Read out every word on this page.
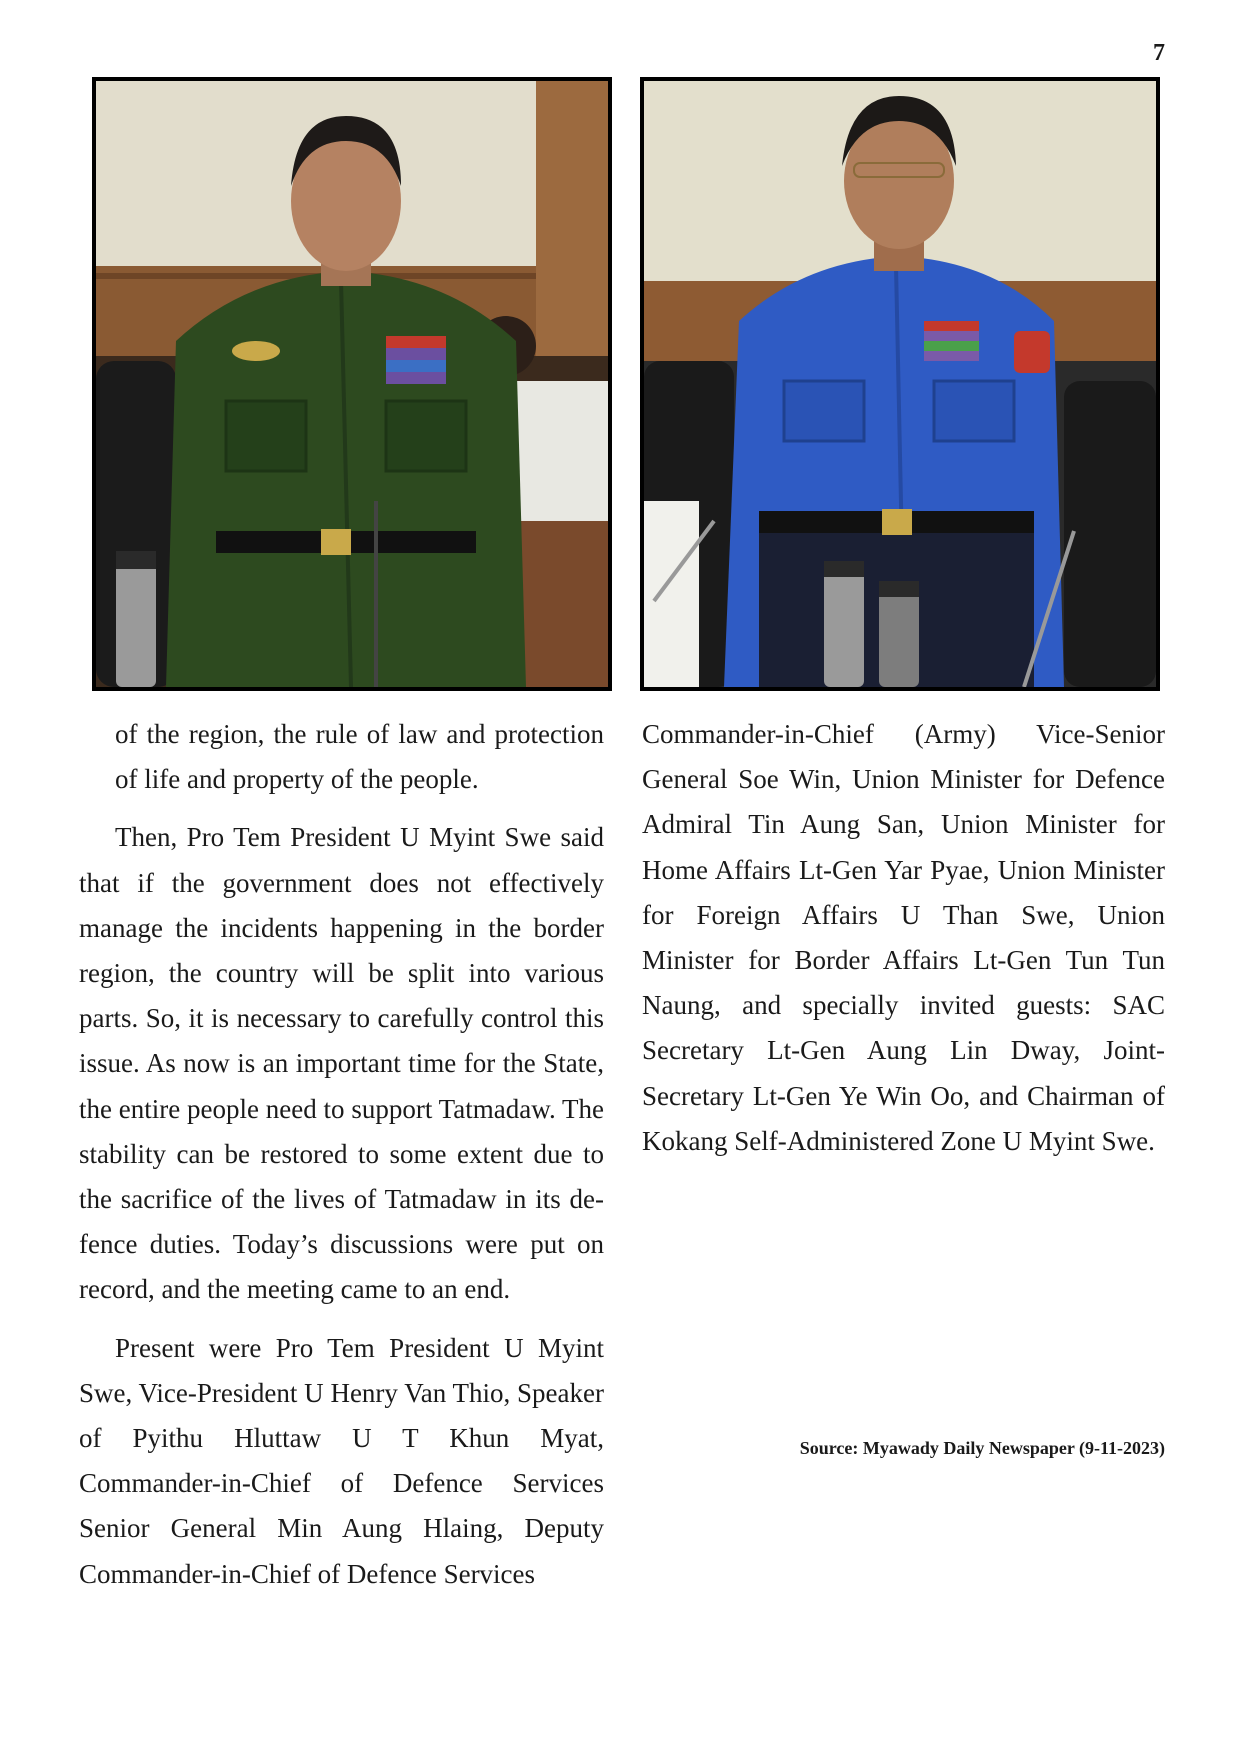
7

of the region, the rule of law and protection of life and property of the people.

Then, Pro Tem President U Myint Swe said that if the government does not effectively manage the incidents happening in the border region, the country will be split into various parts. So, it is necessary to carefully control this issue. As now is an important time for the State, the entire people need to support Tatmadaw. The stability can be restored to some extent due to the sacrifice of the lives of Tatmadaw in its defence duties. Today’s discussions were put on record, and the meeting came to an end.

Present were Pro Tem President U Myint Swe, Vice-President U Henry Van Thio, Speaker of Pyithu Hluttaw U T Khun Myat, Commander-in-Chief of Defence Services Senior General Min Aung Hlaing, Deputy Commander-in-Chief of Defence Services

Commander-in-Chief (Army) Vice-Senior General Soe Win, Union Minister for Defence Admiral Tin Aung San, Union Minister for Home Affairs Lt-Gen Yar Pyae, Union Minister for Foreign Affairs U Than Swe, Union Minister for Border Affairs Lt-Gen Tun Tun Naung, and specially invited guests: SAC Secretary Lt-Gen Aung Lin Dway, Joint-Secretary Lt-Gen Ye Win Oo, and Chairman of Kokang Self-Administered Zone U Myint Swe.

Source: Myawady Daily Newspaper (9-11-2023)
